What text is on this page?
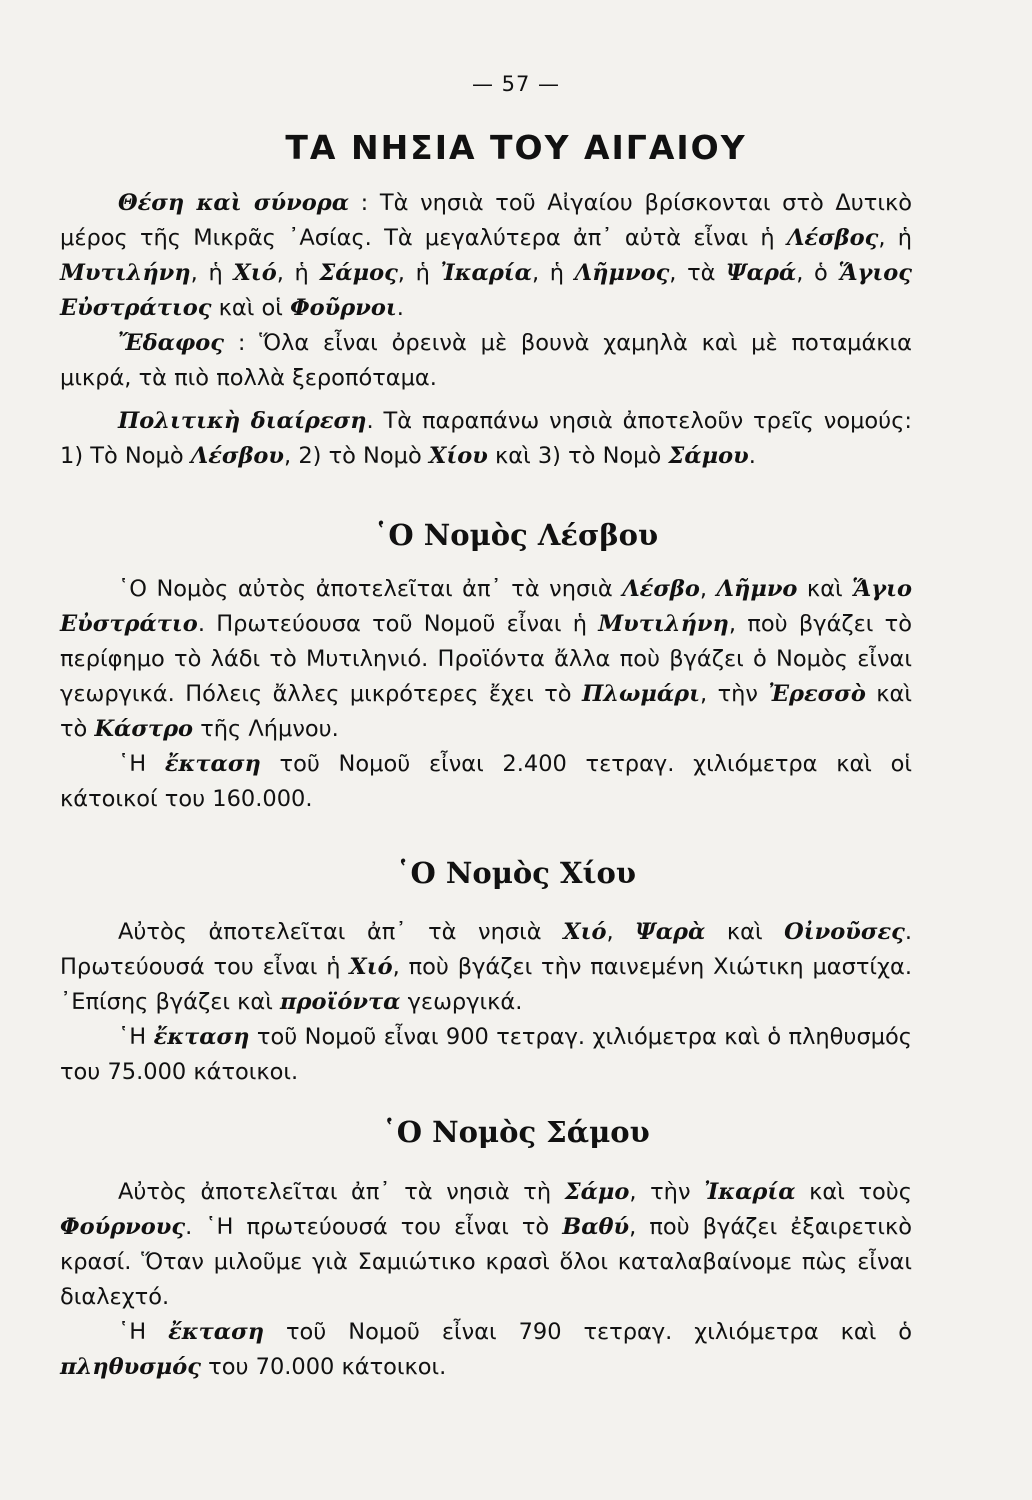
— 57 —
ΤΑ ΝΗΣΙΑ ΤΟΥ ΑΙΓΑΙΟΥ

Θέση καὶ σύνορα : Τὰ νησιὰ τοῦ Αἰγαίου βρίσκονται στὸ Δυτικὸ μέρος τῆς Μικρᾶς ᾿Ασίας. Τὰ μεγαλύτερα ἀπ᾿ αὐτὰ εἶναι ἡ Λέσβος, ἡ Μυτιλήνη, ἡ Χιό, ἡ Σάμος, ἡ Ἰκαρία, ἡ Λῆμνος, τὰ Ψαρά, ὁ Ἅγιος Εὐστράτιος καὶ οἱ Φοῦρνοι.

Ἔδαφος : Ὅλα εἶναι ὀρεινὰ μὲ βουνὰ χαμηλὰ καὶ μὲ ποταμάκια μικρά, τὰ πιὸ πολλὰ ξεροπόταμα.

Πολιτικὴ διαίρεση. Τὰ παραπάνω νησιὰ ἀποτελοῦν τρεῖς νομούς: 1) Τὸ Νομὸ Λέσβου, 2) τὸ Νομὸ Χίου καὶ 3) τὸ Νομὸ Σάμου.

῾Ο Νομὸς Λέσβου

῾Ο Νομὸς αὐτὸς ἀποτελεῖται ἀπ᾿ τὰ νησιὰ Λέσβο, Λῆμνο καὶ Ἅγιο Εὐστράτιο. Πρωτεύουσα τοῦ Νομοῦ εἶναι ἡ Μυτιλήνη, ποὺ βγάζει τὸ περίφημο τὸ λάδι τὸ Μυτιληνιό. Προϊόντα ἄλλα ποὺ βγάζει ὁ Νομὸς εἶναι γεωργικά. Πόλεις ἄλλες μικρότερες ἔχει τὸ Πλωμάρι, τὴν Ἐρεσσὸ καὶ τὸ Κάστρο τῆς Λήμνου.

῾Η ἔκταση τοῦ Νομοῦ εἶναι 2.400 τετραγ. χιλιόμετρα καὶ οἱ κάτοικοί του 160.000.

῾Ο Νομὸς Χίου

Αὐτὸς ἀποτελεῖται ἀπ᾿ τὰ νησιὰ Χιό, Ψαρὰ καὶ Οἰνοῦσες. Πρωτεύουσά του εἶναι ἡ Χιό, ποὺ βγάζει τὴν παινεμένη Χιώτικη μαστίχα. ᾿Επίσης βγάζει καὶ προϊόντα γεωργικά.

῾Η ἔκταση τοῦ Νομοῦ εἶναι 900 τετραγ. χιλιόμετρα καὶ ὁ πληθυσμός του 75.000 κάτοικοι.

῾Ο Νομὸς Σάμου

Αὐτὸς ἀποτελεῖται ἀπ᾿ τὰ νησιὰ τὴ Σάμο, τὴν Ἰκαρία καὶ τοὺς Φούρνους. ῾Η πρωτεύουσά του εἶναι τὸ Βαθύ, ποὺ βγάζει ἐξαιρετικὸ κρασί. Ὅταν μιλοῦμε γιὰ Σαμιώτικο κρασὶ ὅλοι καταλαβαίνομε πὼς εἶναι διαλεχτό.

῾Η ἔκταση τοῦ Νομοῦ εἶναι 790 τετραγ. χιλιόμετρα καὶ ὁ πληθυσμός του 70.000 κάτοικοι.
